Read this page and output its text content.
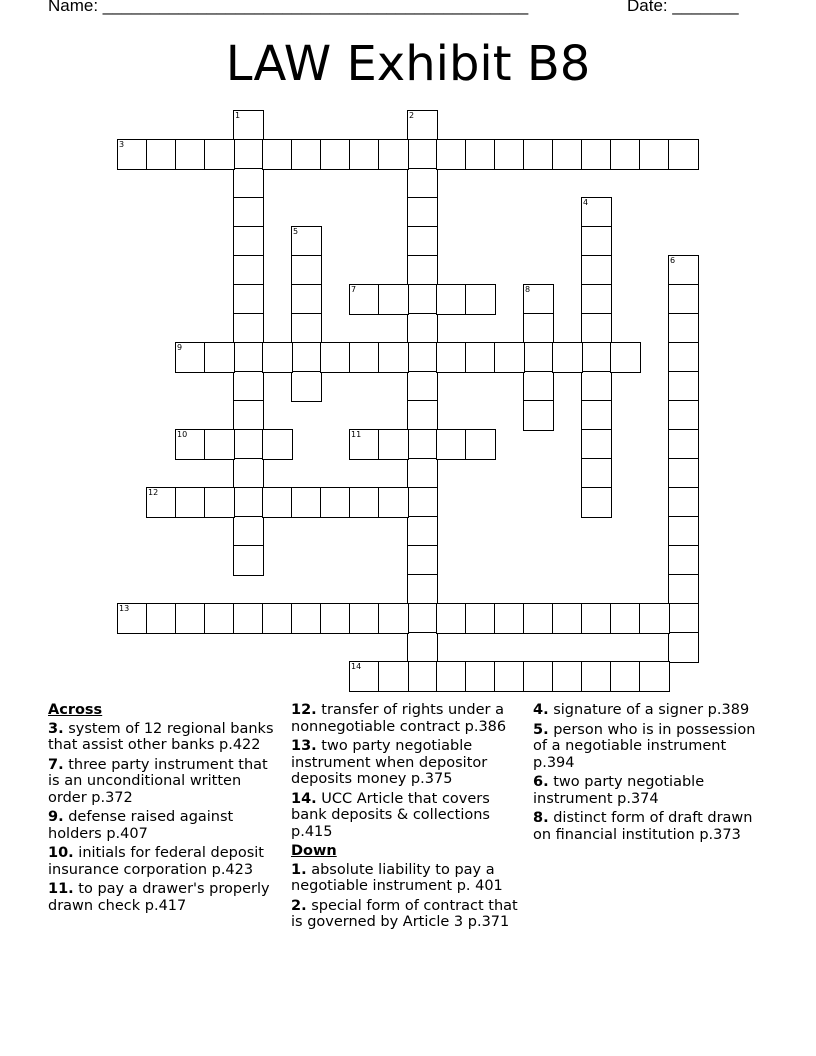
Name: _____________________________________________	Date: _______
LAW Exhibit B8
1	2
3
4
5
6
7	8
9
10	11
12
13
14
Across
3. system of 12 regional banks that assist other banks p.422
7. three party instrument that is an unconditional written order p.372
9. defense raised against holders p.407
10. initials for federal deposit insurance corporation p.423
11. to pay a drawer's properly drawn check p.417
12. transfer of rights under a nonnegotiable contract p.386
13. two party negotiable instrument when depositor deposits money p.375
14. UCC Article that covers bank deposits & collections p.415
Down
1. absolute liability to pay a negotiable instrument p. 401
2. special form of contract that is governed by Article 3 p.371
4. signature of a signer p.389
5. person who is in possession of a negotiable instrument p.394
6. two party negotiable instrument p.374
8. distinct form of draft drawn on financial institution p.373
